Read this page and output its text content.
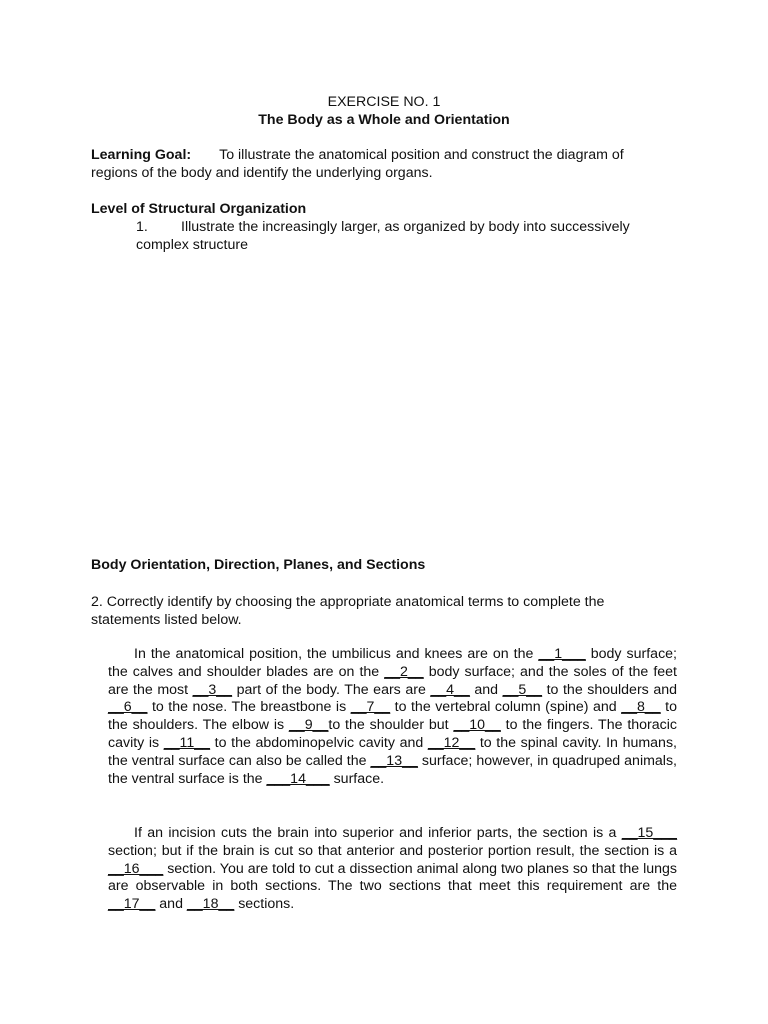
EXERCISE NO. 1

The Body as a Whole and Orientation

Learning Goal: To illustrate the anatomical position and construct the diagram of

regions of the body and identify the underlying organs.

Level of Structural Organization

1. Illustrate the increasingly larger, as organized by body into successively
complex structure

Body Orientation, Direction, Planes, and Sections

2. Correctly identify by choosing the appropriate anatomical terms to complete the

statements listed below.

In the anatomical position, the umbilicus and knees are on the __1___ body surface; the calves and shoulder blades are on the __2__ body surface; and the soles of the feet are the most __3__ part of the body. The ears are __4__ and __5__ to the shoulders and __6__ to the nose. The breastbone is __7__ to the vertebral column (spine) and __8__ to the shoulders. The elbow is __9__to the shoulder but __10__ to the fingers. The thoracic cavity is __11__ to the abdominopelvic cavity and __12__ to the spinal cavity. In humans, the ventral surface can also be called the __13__ surface; however, in quadruped animals, the ventral surface is the ___14___ surface.

If an incision cuts the brain into superior and inferior parts, the section is a __15___ section; but if the brain is cut so that anterior and posterior portion result, the section is a __16___ section. You are told to cut a dissection animal along two planes so that the lungs are observable in both sections. The two sections that meet this requirement are the __17__ and __18__ sections.
